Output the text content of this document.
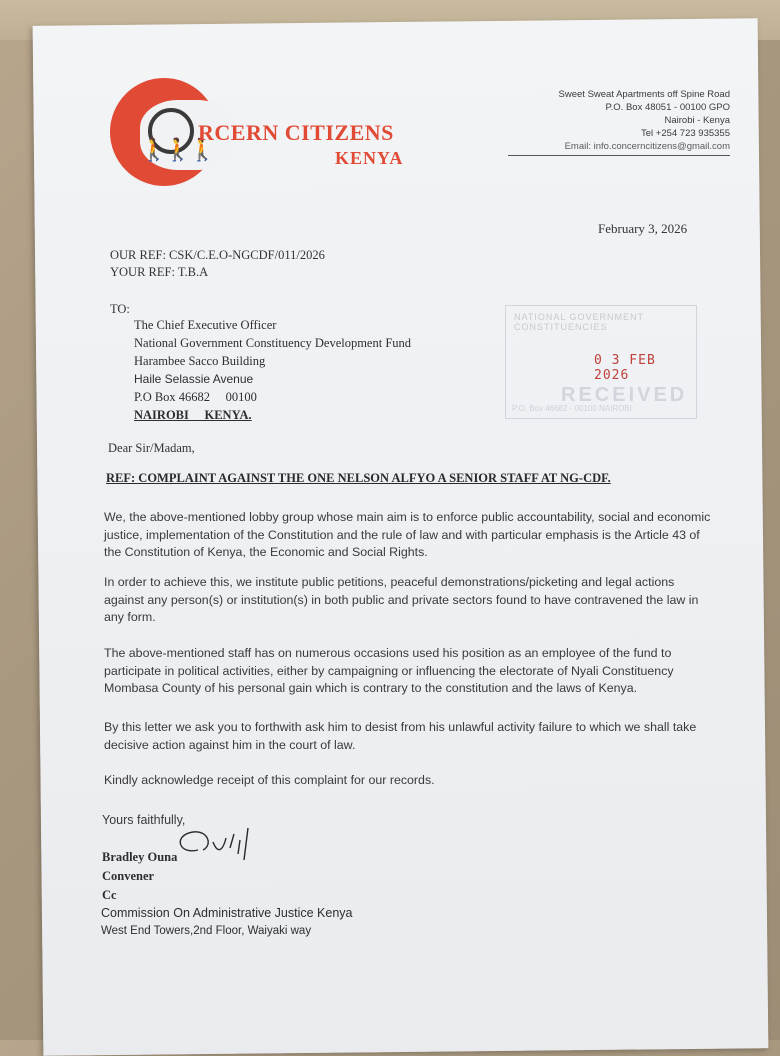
🚶🚶🚶
RCERN CITIZENS
KENYA
Sweet Sweat Apartments off Spine Road
P.O. Box 48051 - 00100 GPO
Nairobi - Kenya
Tel +254 723 935355
Email: info.concerncitizens@gmail.com
February 3, 2026
OUR REF: CSK/C.E.O-NGCDF/011/2026
YOUR REF: T.B.A
TO:
The Chief Executive Officer
National Government Constituency Development Fund
Harambee Sacco Building
Haile Selassie Avenue
P.O Box 46682     00100
NAIROBI     KENYA.
NATIONAL GOVERNMENT CONSTITUENCIES
0 3 FEB 2026
RECEIVED
P.O. Box 46682 - 00100 NAIROBI
Dear Sir/Madam,
REF: COMPLAINT AGAINST THE ONE NELSON ALFYO A SENIOR STAFF AT NG-CDF.
We, the above-mentioned lobby group whose main aim is to enforce public accountability, social and economic justice, implementation of the Constitution and the rule of law and with particular emphasis is the Article 43 of the Constitution of Kenya, the Economic and Social Rights.
In order to achieve this, we institute public petitions, peaceful demonstrations/picketing and legal actions against any person(s) or institution(s) in both public and private sectors found to have contravened the law in any form.
The above-mentioned staff has on numerous occasions used his position as an employee of the fund to participate in political activities, either by campaigning or influencing the electorate of Nyali Constituency Mombasa County of his personal gain which is contrary to the constitution and the laws of Kenya.
By this letter we ask you to forthwith ask him to desist from his unlawful activity failure to which we shall take decisive action against him in the court of law.
Kindly acknowledge receipt of this complaint for our records.
Yours faithfully,
Bradley Ouna
Convener
Cc
Commission On Administrative Justice Kenya
West End Towers,2nd Floor, Waiyaki way
